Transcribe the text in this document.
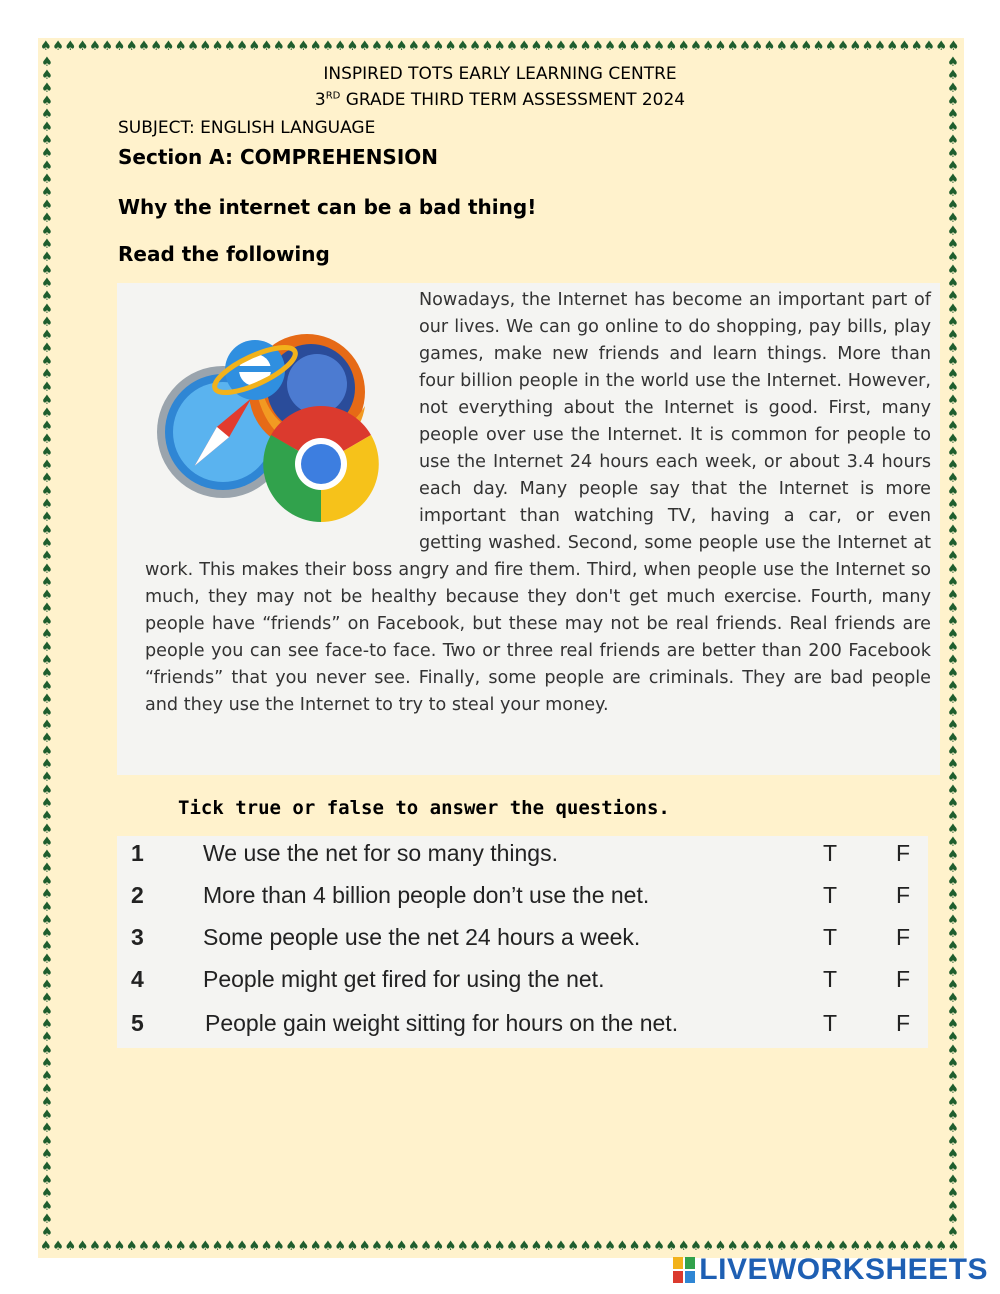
♠ ♠ ♠ ♠ ♠ ♠ ♠ ♠ ♠ ♠ ♠ ♠ ♠ ♠ ♠ ♠ ♠ ♠ ♠ ♠ ♠ ♠ ♠ ♠ ♠ ♠ ♠ ♠ ♠ ♠ ♠ ♠ ♠ ♠ ♠ ♠ ♠ ♠ ♠ ♠ ♠ ♠ ♠ ♠ ♠ ♠ ♠ ♠ ♠ ♠ ♠ ♠ ♠ ♠ ♠ ♠ ♠ ♠ ♠ ♠ ♠ ♠ ♠ ♠ ♠ ♠ ♠ ♠ ♠ ♠ ♠ ♠ ♠ ♠ ♠
♠ ♠ ♠ ♠ ♠ ♠ ♠ ♠ ♠ ♠ ♠ ♠ ♠ ♠ ♠ ♠ ♠ ♠ ♠ ♠ ♠ ♠ ♠ ♠ ♠ ♠ ♠ ♠ ♠ ♠ ♠ ♠ ♠ ♠ ♠ ♠ ♠ ♠ ♠ ♠ ♠ ♠ ♠ ♠ ♠ ♠ ♠ ♠ ♠ ♠ ♠ ♠ ♠ ♠ ♠ ♠ ♠ ♠ ♠ ♠ ♠ ♠ ♠ ♠ ♠ ♠ ♠ ♠ ♠ ♠ ♠ ♠ ♠ ♠ ♠
♠
♠
♠
♠
♠
♠
♠
♠
♠
♠
♠
♠
♠
♠
♠
♠
♠
♠
♠
♠
♠
♠
♠
♠
♠
♠
♠
♠
♠
♠
♠
♠
♠
♠
♠
♠
♠
♠
♠
♠
♠
♠
♠
♠
♠
♠
♠
♠
♠
♠
♠
♠
♠
♠
♠
♠
♠
♠
♠
♠
♠
♠
♠
♠
♠
♠
♠
♠
♠
♠
♠
♠
♠
♠
♠
♠
♠
♠
♠
♠
♠
♠
♠
♠
♠
♠
♠
♠
♠
♠
♠
♠
♠
♠
♠
♠
♠
♠
♠
♠
♠
♠
♠
♠
♠
♠
♠
♠
♠
♠
♠
♠
♠
♠
♠
♠
♠
♠
♠
♠
♠
♠
♠
♠
♠
♠
♠
♠
♠
♠
♠
♠
♠
♠
♠
♠
♠
♠
♠
♠
♠
♠
♠
♠
♠
♠
♠
♠
♠
♠
♠
♠
♠
♠
♠
♠
♠
♠
♠
♠
♠
♠
♠
♠
♠
♠
♠
♠
♠
♠
♠
♠
♠
♠
♠
♠
♠
♠
♠
♠
♠
♠
INSPIRED TOTS EARLY LEARNING CENTRE
3RD GRADE THIRD TERM ASSESSMENT 2024
SUBJECT: ENGLISH LANGUAGE
Section A: COMPREHENSION
Why the internet can be a bad thing!
Read the following

Nowadays, the Internet has become an important part of our lives. We can go online to do shopping, pay bills, play games, make new friends and learn things. More than four billion people in the world use the Internet. However, not everything about the Internet is good. First, many people over use the Internet. It is common for people to use the Internet 24 hours each week, or about 3.4 hours each day. Many people say that the Internet is more important than watching TV, having a car, or even getting washed. Second, some people use the Internet at work. This makes their boss angry and fire them. Third, when people use the Internet so much, they may not be healthy because they don't get much exercise. Fourth, many people have “friends” on Facebook, but these may not be real friends. Real friends are people you can see face-to face. Two or three real friends are better than 200 Facebook “friends” that you never see. Finally, some people are criminals. They are bad people and they use the Internet to try to steal your money.

Tick true or false to answer the questions.
1	We use the net for so many things.	T	F
2	More than 4 billion people don’t use the net.	T	F
3	Some people use the net 24 hours a week.	T	F
4	People might get fired for using the net.	T	F
5	People gain weight sitting for hours on the net.	T	F
LIVEWORKSHEETS
